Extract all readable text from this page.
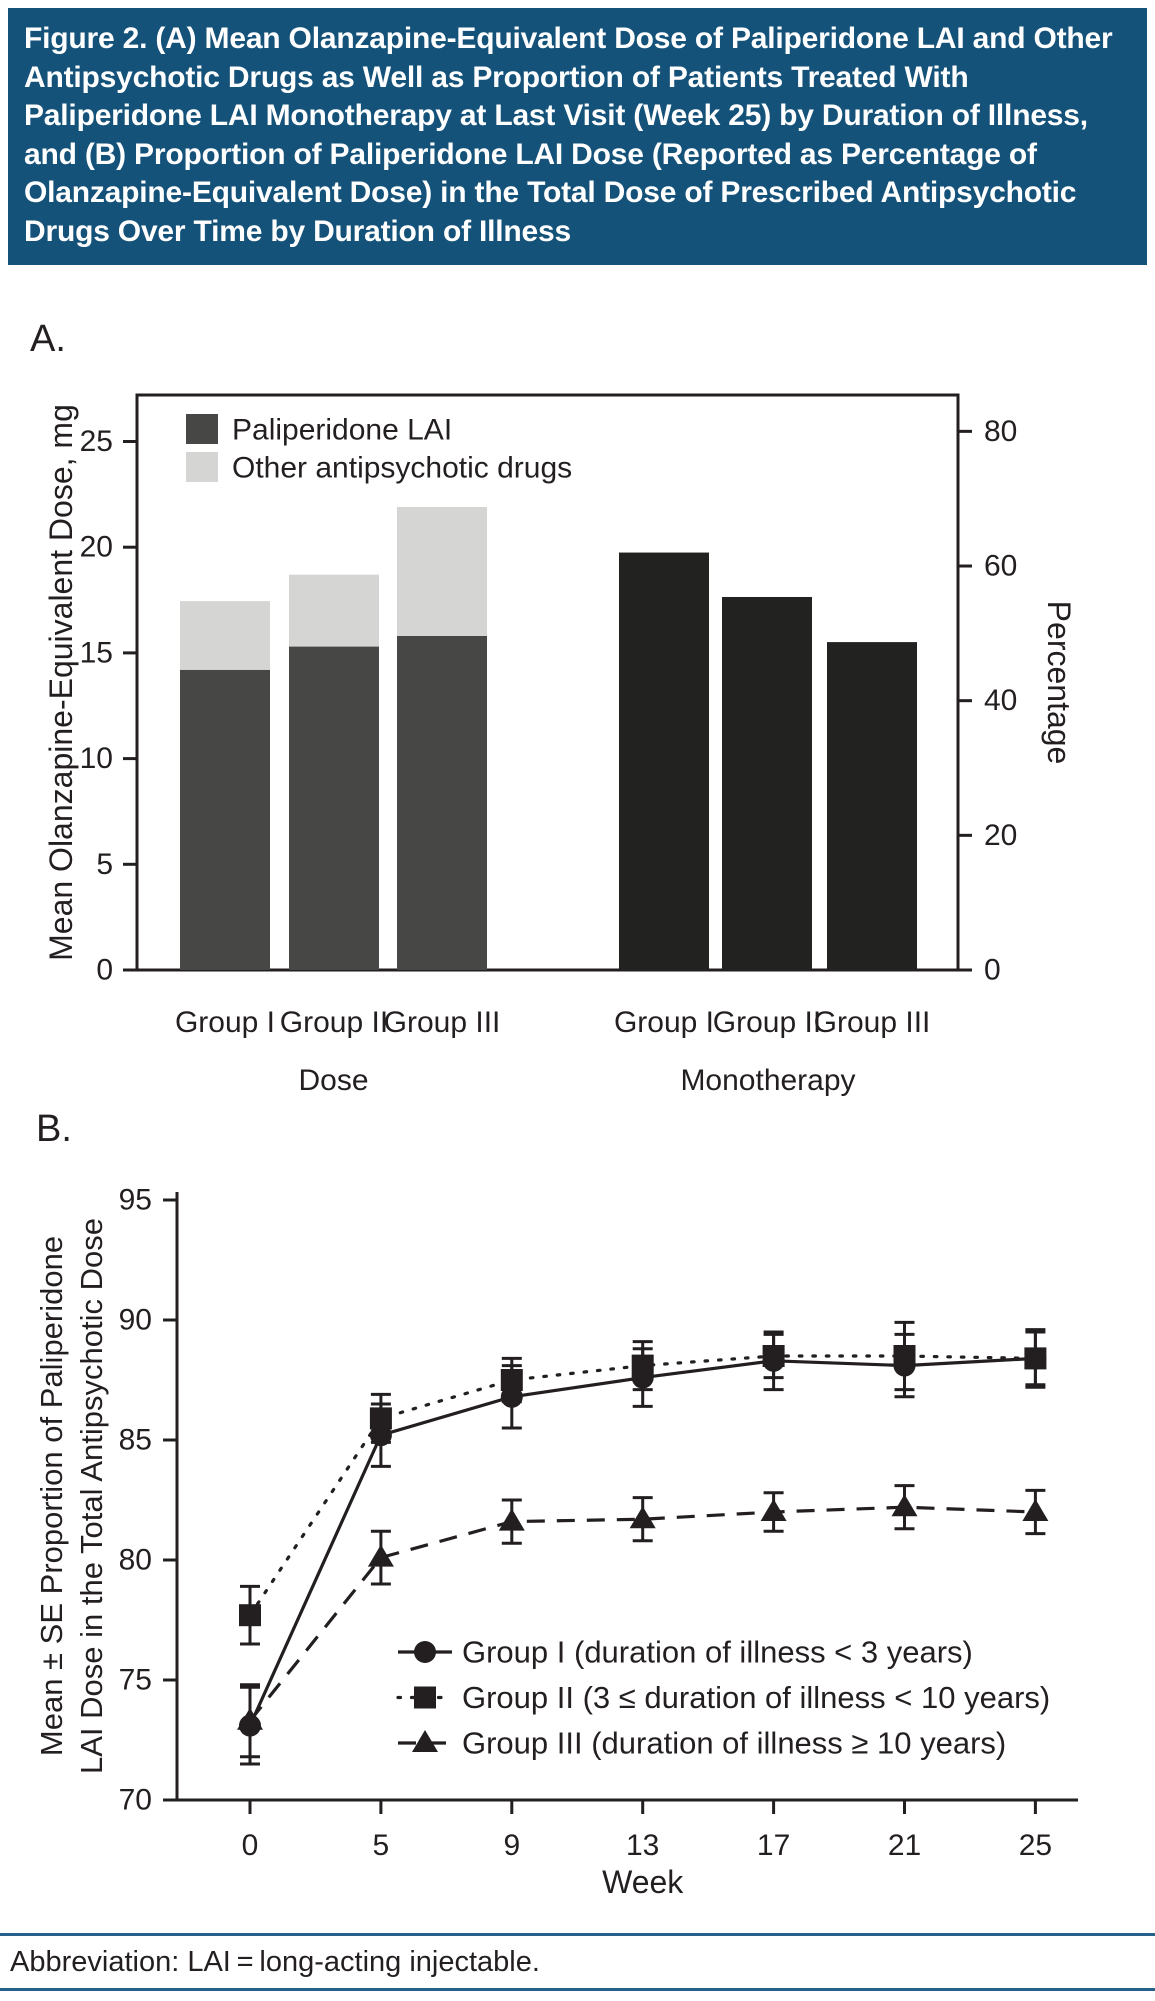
Figure 2. (A) Mean Olanzapine-Equivalent Dose of Paliperidone LAI and Other Antipsychotic Drugs as Well as Proportion of Patients Treated With Paliperidone LAI Monotherapy at Last Visit (Week 25) by Duration of Illness, and (B) Proportion of Paliperidone LAI Dose (Reported as Percentage of Olanzapine-Equivalent Dose) in the Total Dose of Prescribed Antipsychotic Drugs Over Time by Duration of Illness
A.
0
5
10
15
20
25
0
20
40
60
80
Mean Olanzapine-Equivalent Dose, mg	Percentage
Group I Group II
Group III
Dose
Group I
Group II
Group III
Monotherapy
Paliperidone LAI
Other antipsychotic drugs
B.
70
75
80
85
90
95
0	5	9	13	17	21	25
Week
Mean ± SE Proportion of Paliperidone LAI Dose in the Total Antipsychotic Dose	Group I (duration of illness < 3 years)
Group II (3 ≤ duration of illness < 10 years)
Group III (duration of illness ≥ 10 years)
Abbreviation: LAI = long-acting injectable.
